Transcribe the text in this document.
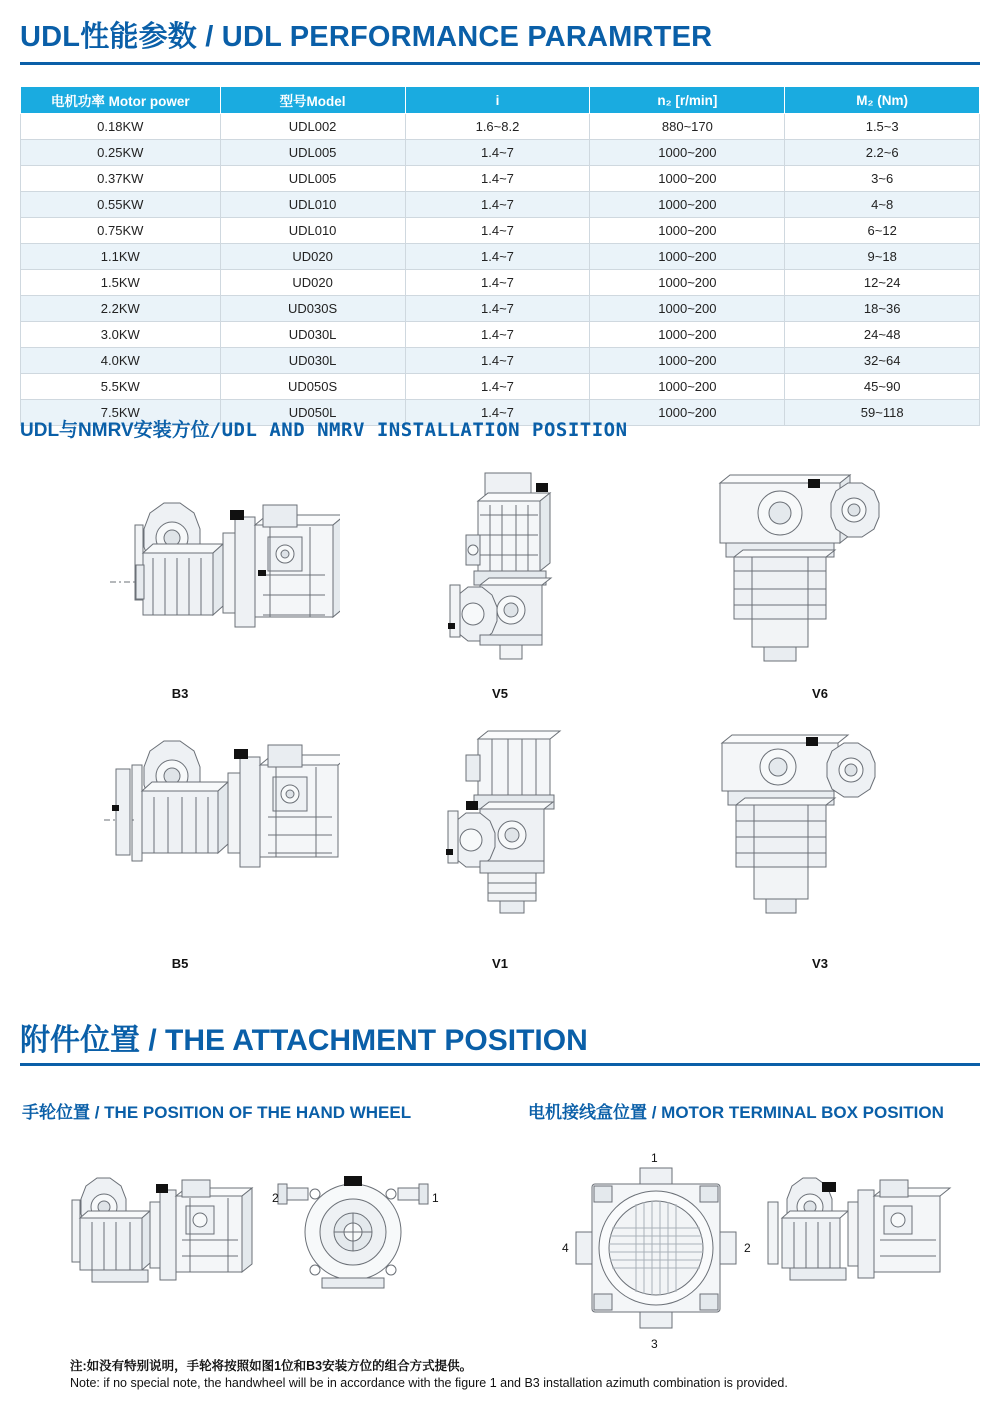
UDL性能参数 / UDL PERFORMANCE PARAMRTER
电机功率 Motor power	型号Model	i	n₂ [r/min]	M₂ (Nm)
0.18KW	UDL002	1.6~8.2	880~170	1.5~3
0.25KW	UDL005	1.4~7	1000~200	2.2~6
0.37KW	UDL005	1.4~7	1000~200	3~6
0.55KW	UDL010	1.4~7	1000~200	4~8
0.75KW	UDL010	1.4~7	1000~200	6~12
1.1KW	UD020	1.4~7	1000~200	9~18
1.5KW	UD020	1.4~7	1000~200	12~24
2.2KW	UD030S	1.4~7	1000~200	18~36
3.0KW	UD030L	1.4~7	1000~200	24~48
4.0KW	UD030L	1.4~7	1000~200	32~64
5.5KW	UD050S	1.4~7	1000~200	45~90
7.5KW	UD050L	1.4~7	1000~200	59~118
UDL与NMRV安装方位/UDL AND NMRV INSTALLATION POSITION
B3	V5	V6
B5	V1	V3
附件位置 / THE ATTACHMENT POSITION
手轮位置 / THE POSITION OF THE HAND WHEEL	电机接线盒位置 / MOTOR TERMINAL BOX POSITION
2	1
1
2
3
4
注:如没有特别说明，手轮将按照如图1位和B3安装方位的组合方式提供。
Note: if no special note, the handwheel will be in accordance with the figure 1 and B3 installation azimuth combination is provided.
